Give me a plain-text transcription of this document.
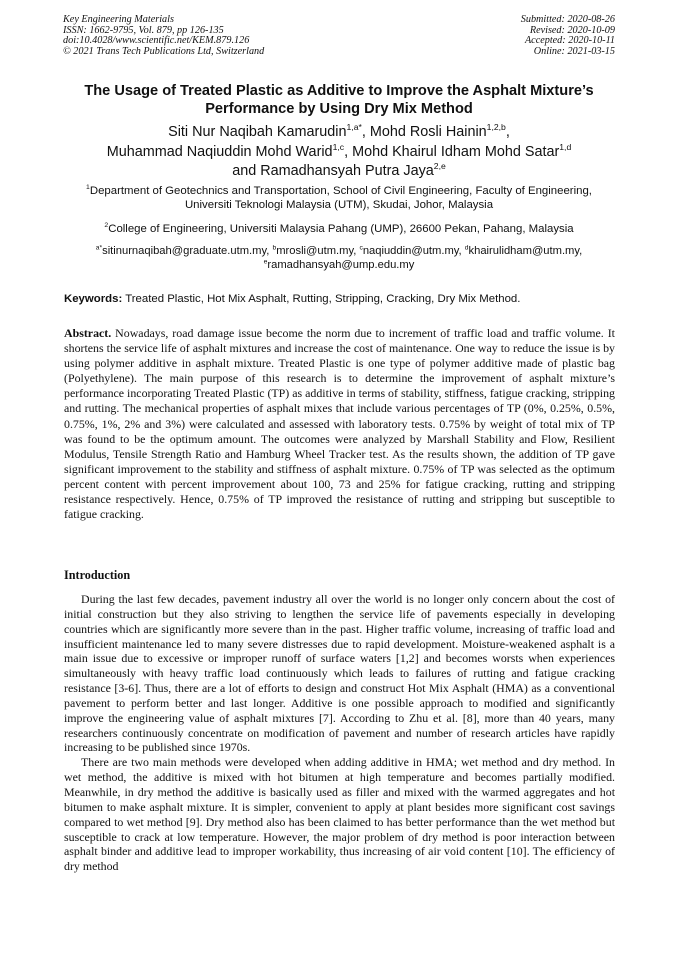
Key Engineering Materials
ISSN: 1662-9795, Vol. 879, pp 126-135
doi:10.4028/www.scientific.net/KEM.879.126
© 2021 Trans Tech Publications Ltd, Switzerland
Submitted: 2020-08-26
Revised: 2020-10-09
Accepted: 2020-10-11
Online: 2021-03-15
The Usage of Treated Plastic as Additive to Improve the Asphalt Mixture’s Performance by Using Dry Mix Method
Siti Nur Naqibah Kamarudin$^{1,a*}$, Mohd Rosli Hainin$^{1,2,b}$,
Muhammad Naqiuddin Mohd Warid$^{1,c}$, Mohd Khairul Idham Mohd Satar$^{1,d}$
and Ramadhansyah Putra Jaya$^{2,e}$
$^1$Department of Geotechnics and Transportation, School of Civil Engineering, Faculty of Engineering, Universiti Teknologi Malaysia (UTM), Skudai, Johor, Malaysia
$^2$College of Engineering, Universiti Malaysia Pahang (UMP), 26600 Pekan, Pahang, Malaysia
$^{a*}$sitinurnaqibah@graduate.utm.my, $^b$mrosli@utm.my, $^c$naqiuddin@utm.my, $^d$khairulidham@utm.my, $^e$ramadhansyah@ump.edu.my
Keywords: Treated Plastic, Hot Mix Asphalt, Rutting, Stripping, Cracking, Dry Mix Method.
Abstract. Nowadays, road damage issue become the norm due to increment of traffic load and traffic volume. It shortens the service life of asphalt mixtures and increase the cost of maintenance. One way to reduce the issue is by using polymer additive in asphalt mixture. Treated Plastic is one type of polymer additive made of plastic bag (Polyethylene). The main purpose of this research is to determine the improvement of asphalt mixture’s performance incorporating Treated Plastic (TP) as additive in terms of stability, stiffness, fatigue cracking, stripping and rutting. The mechanical properties of asphalt mixes that include various percentages of TP (0%, 0.25%, 0.5%, 0.75%, 1%, 2% and 3%) were calculated and assessed with laboratory tests. 0.75% by weight of total mix of TP was found to be the optimum amount. The outcomes were analyzed by Marshall Stability and Flow, Resilient Modulus, Tensile Strength Ratio and Hamburg Wheel Tracker test. As the results shown, the addition of TP gave significant improvement to the stability and stiffness of asphalt mixture. 0.75% of TP was selected as the optimum percent content with percent improvement about 100, 73 and 25% for fatigue cracking, rutting and stripping resistance respectively. Hence, 0.75% of TP improved the resistance of rutting and stripping but susceptible to fatigue cracking.
Introduction

During the last few decades, pavement industry all over the world is no longer only concern about the cost of initial construction but they also striving to lengthen the service life of pavements especially in developing countries which are significantly more severe than in the past. Higher traffic volume, increasing of traffic load and insufficient maintenance led to many severe distresses due to rapid development. Moisture-weakened asphalt is a main issue due to excessive or improper runoff of surface waters [1,2] and becomes worsts when experiences simultaneously with heavy traffic load continuously which leads to failures of rutting and fatigue cracking resistance [3-6]. Thus, there are a lot of efforts to design and construct Hot Mix Asphalt (HMA) as a conventional pavement to perform better and last longer. Additive is one possible approach to modified and significantly improve the engineering value of asphalt mixtures [7]. According to Zhu et al. [8], more than 40 years, many researchers continuously concentrate on modification of pavement and number of research articles have rapidly increasing to be published since 1970s.

There are two main methods were developed when adding additive in HMA; wet method and dry method. In wet method, the additive is mixed with hot bitumen at high temperature and becomes partially modified. Meanwhile, in dry method the additive is basically used as filler and mixed with the warmed aggregates and hot bitumen to make asphalt mixture. It is simpler, convenient to apply at plant besides more significant cost savings compared to wet method [9]. Dry method also has been claimed to has better performance than the wet method but susceptible to crack at low temperature. However, the major problem of dry method is poor interaction between asphalt binder and additive lead to improper workability, thus increasing of air void content [10]. The efficiency of dry method
